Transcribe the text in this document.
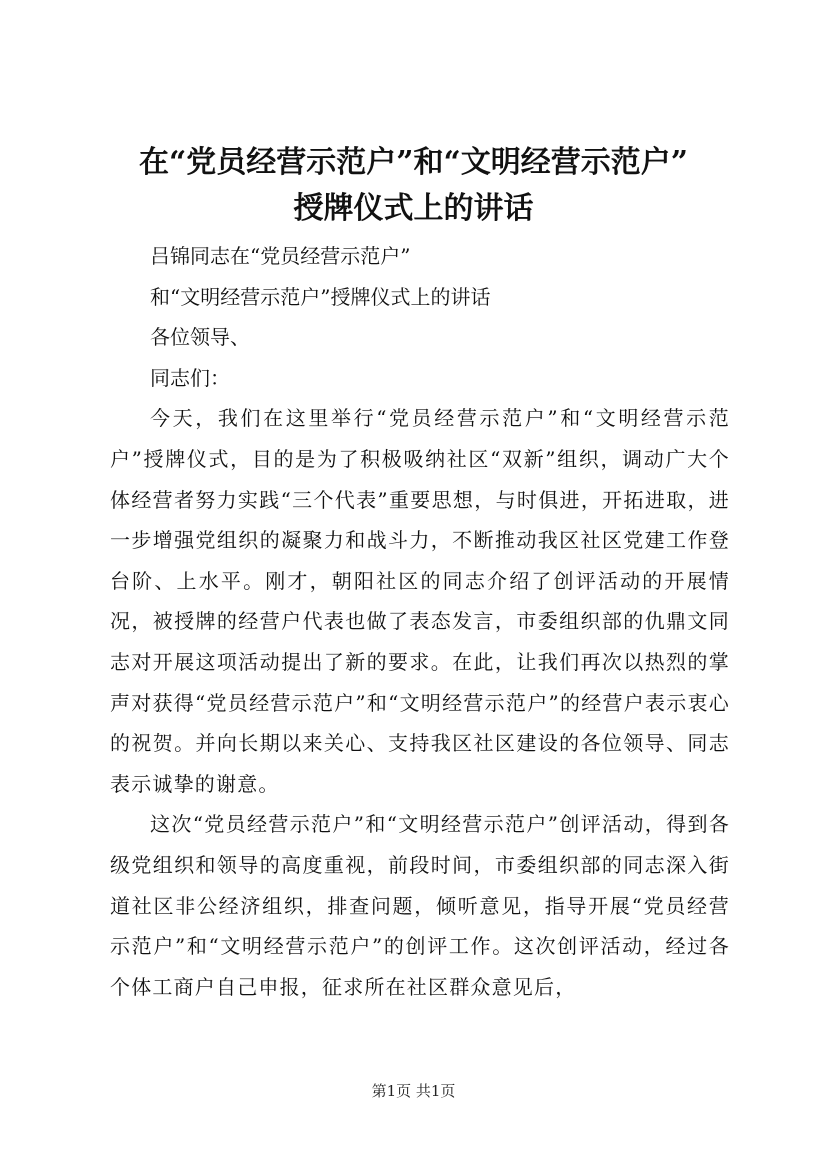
在“党员经营示范户”和“文明经营示范户”
授牌仪式上的讲话

吕锦同志在“党员经营示范户”

和“文明经营示范户”授牌仪式上的讲话

各位领导、

同志们：

今天，我们在这里举行“党员经营示范户”和“文明经营示范户”授牌仪式，目的是为了积极吸纳社区“双新”组织，调动广大个体经营者努力实践“三个代表”重要思想，与时俱进，开拓进取，进一步增强党组织的凝聚力和战斗力，不断推动我区社区党建工作登台阶、上水平。刚才，朝阳社区的同志介绍了创评活动的开展情况，被授牌的经营户代表也做了表态发言，市委组织部的仇鼎文同志对开展这项活动提出了新的要求。在此，让我们再次以热烈的掌声对获得“党员经营示范户”和“文明经营示范户”的经营户表示衷心的祝贺。并向长期以来关心、支持我区社区建设的各位领导、同志表示诚挚的谢意。

这次“党员经营示范户”和“文明经营示范户”创评活动，得到各级党组织和领导的高度重视，前段时间，市委组织部的同志深入街道社区非公经济组织，排查问题，倾听意见，指导开展“党员经营示范户”和“文明经营示范户”的创评工作。这次创评活动，经过各个体工商户自己申报，征求所在社区群众意见后，

第1页 共1页
